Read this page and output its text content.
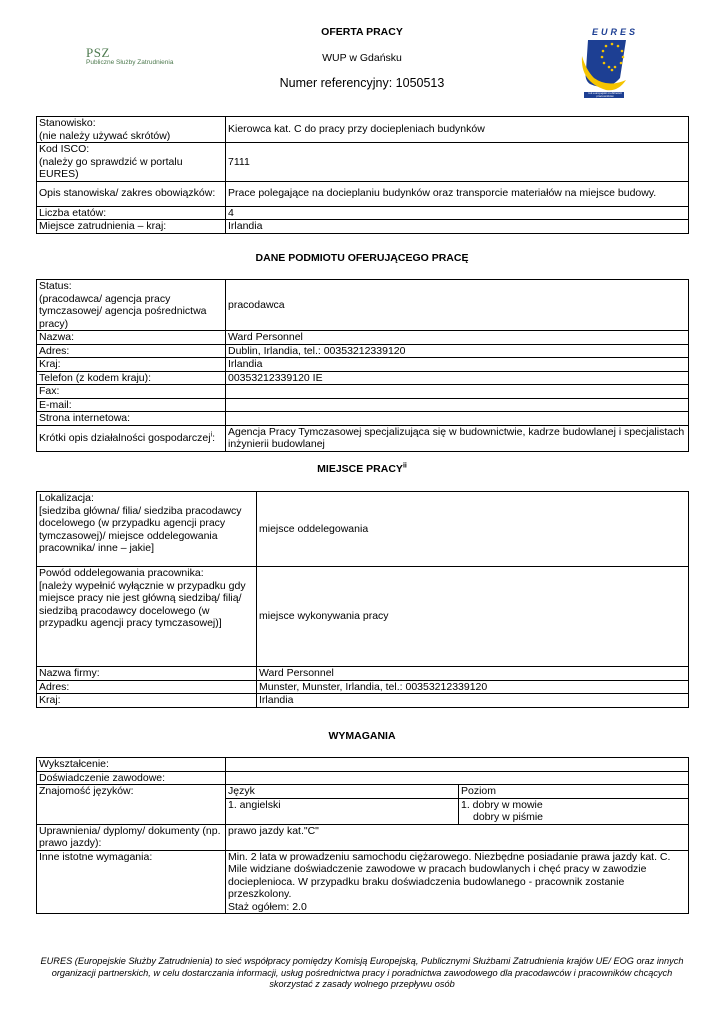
PSZ
Publiczne Służby Zatrudnienia
OFERTA PRACY
WUP w Gdańsku
Numer referencyjny: 1050513
EURES
rok europejski mobilności pracowników
Stanowisko:
(nie należy używać skrótów)	Kierowca kat. C do pracy przy dociepleniach budynków
Kod ISCO:
(należy go sprawdzić w portalu EURES)	7111
Opis stanowiska/ zakres obowiązków:	Prace polegające na docieplaniu budynków oraz transporcie materiałów na miejsce budowy.
Liczba etatów:	4
Miejsce zatrudnienia – kraj:	Irlandia
DANE PODMIOTU OFERUJĄCEGO PRACĘ
Status:
(pracodawca/ agencja pracy tymczasowej/ agencja pośrednictwa pracy)	pracodawca
Nazwa:	Ward Personnel
Adres:	Dublin, Irlandia, tel.: 00353212339120
Kraj:	Irlandia
Telefon (z kodem kraju):	00353212339120 IE
Fax:	
E-mail:	
Strona internetowa:	
Krótki opis działalności gospodarczej$^i$:	Agencja Pracy Tymczasowej specjalizująca się w budownictwie, kadrze budowlanej i specjalistach inżynierii budowlanej
MIEJSCE PRACY$^{ii}$
Lokalizacja:
[siedziba główna/ filia/ siedziba pracodawcy docelowego (w przypadku agencji pracy tymczasowej)/ miejsce oddelegowania pracownika/ inne – jakie]	miejsce oddelegowania
Powód oddelegowania pracownika:
[należy wypełnić wyłącznie w przypadku gdy miejsce pracy nie jest główną siedzibą/ filią/ siedzibą pracodawcy docelowego (w przypadku agencji pracy tymczasowej)]	miejsce wykonywania pracy
Nazwa firmy:	Ward Personnel
Adres:	Munster, Munster, Irlandia, tel.: 00353212339120
Kraj:	Irlandia
WYMAGANIA
Wykształcenie:		
Doświadczenie zawodowe:		
Znajomość języków:	Język	Poziom
	1. angielski	1. dobry w mowie
dobry w piśmie

Uprawnienia/ dyplomy/ dokumenty (np. prawo jazdy):	prawo jazdy kat."C"	
Inne istotne wymagania:	Min. 2 lata w prowadzeniu samochodu ciężarowego. Niezbędne posiadanie prawa jazdy kat. C. Mile widziane doświadczenie zawodowe w pracach budowlanych i chęć pracy w zawodzie docieplenioca. W przypadku braku doświadczenia budowlanego - pracownik zostanie przeszkolony.
Staż ogółem: 2.0	
EURES (Europejskie Służby Zatrudnienia) to sieć współpracy pomiędzy Komisją Europejską, Publicznymi Służbami Zatrudnienia krajów UE/ EOG oraz innych organizacji partnerskich, w celu dostarczania informacji, usług pośrednictwa pracy i poradnictwa zawodowego dla pracodawców i pracowników chcących skorzystać z zasady wolnego przepływu osób
